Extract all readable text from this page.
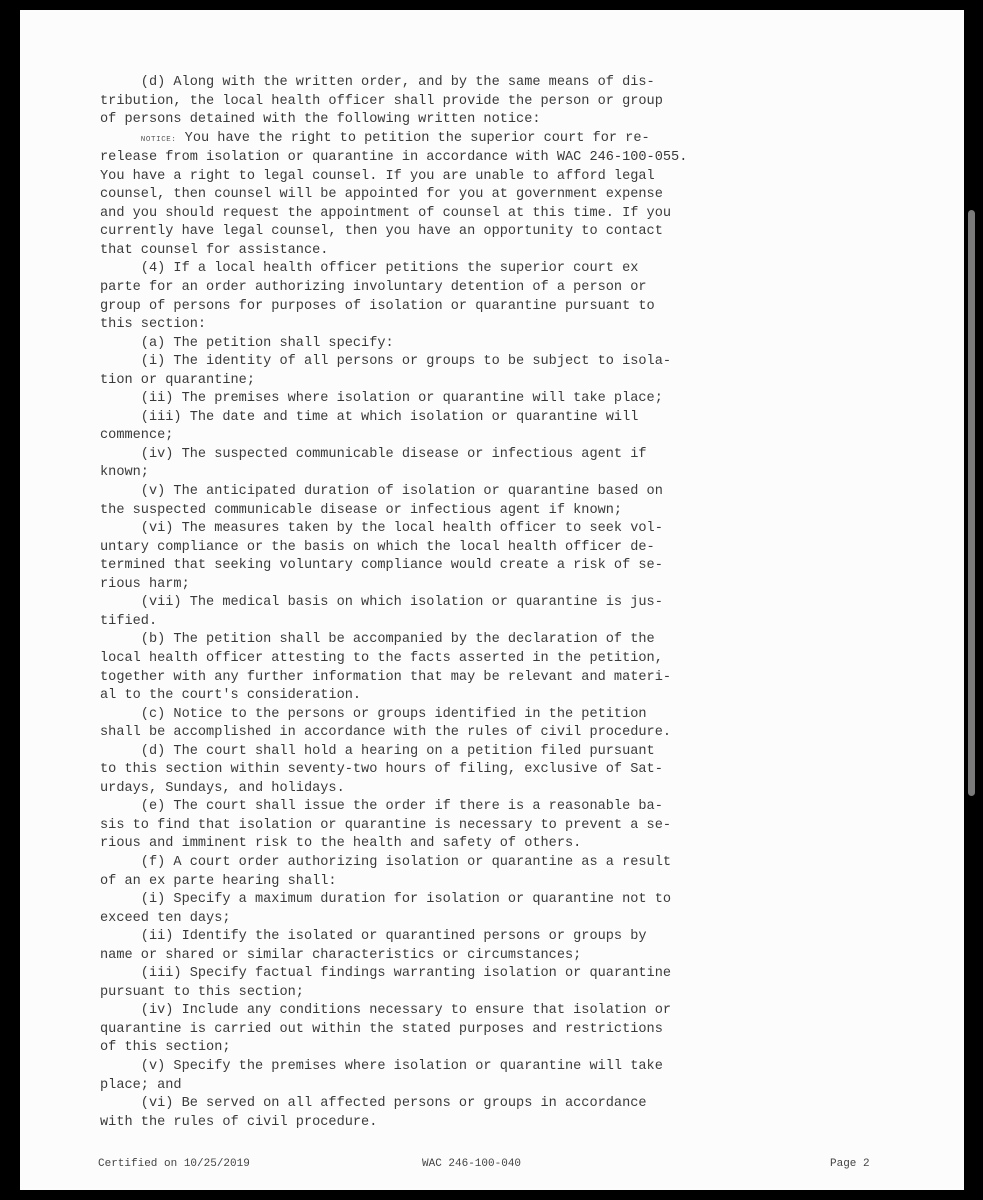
(d) Along with the written order, and by the same means of dis-

tribution, the local health officer shall provide the person or group

of persons detained with the following written notice:

NOTICE: You have the right to petition the superior court for re-

release from isolation or quarantine in accordance with WAC 246-100-055.

You have a right to legal counsel. If you are unable to afford legal

counsel, then counsel will be appointed for you at government expense

and you should request the appointment of counsel at this time. If you

currently have legal counsel, then you have an opportunity to contact

that counsel for assistance.

(4) If a local health officer petitions the superior court ex

parte for an order authorizing involuntary detention of a person or

group of persons for purposes of isolation or quarantine pursuant to

this section:

(a) The petition shall specify:

(i) The identity of all persons or groups to be subject to isola-

tion or quarantine;

(ii) The premises where isolation or quarantine will take place;

(iii) The date and time at which isolation or quarantine will

commence;

(iv) The suspected communicable disease or infectious agent if

known;

(v) The anticipated duration of isolation or quarantine based on

the suspected communicable disease or infectious agent if known;

(vi) The measures taken by the local health officer to seek vol-

untary compliance or the basis on which the local health officer de-

termined that seeking voluntary compliance would create a risk of se-

rious harm;

(vii) The medical basis on which isolation or quarantine is jus-

tified.

(b) The petition shall be accompanied by the declaration of the

local health officer attesting to the facts asserted in the petition,

together with any further information that may be relevant and materi-

al to the court's consideration.

(c) Notice to the persons or groups identified in the petition

shall be accomplished in accordance with the rules of civil procedure.

(d) The court shall hold a hearing on a petition filed pursuant

to this section within seventy-two hours of filing, exclusive of Sat-

urdays, Sundays, and holidays.

(e) The court shall issue the order if there is a reasonable ba-

sis to find that isolation or quarantine is necessary to prevent a se-

rious and imminent risk to the health and safety of others.

(f) A court order authorizing isolation or quarantine as a result

of an ex parte hearing shall:

(i) Specify a maximum duration for isolation or quarantine not to

exceed ten days;

(ii) Identify the isolated or quarantined persons or groups by

name or shared or similar characteristics or circumstances;

(iii) Specify factual findings warranting isolation or quarantine

pursuant to this section;

(iv) Include any conditions necessary to ensure that isolation or

quarantine is carried out within the stated purposes and restrictions

of this section;

(v) Specify the premises where isolation or quarantine will take

place; and

(vi) Be served on all affected persons or groups in accordance

with the rules of civil procedure.

Certified on 10/25/2019	WAC 246-100-040	Page 2
